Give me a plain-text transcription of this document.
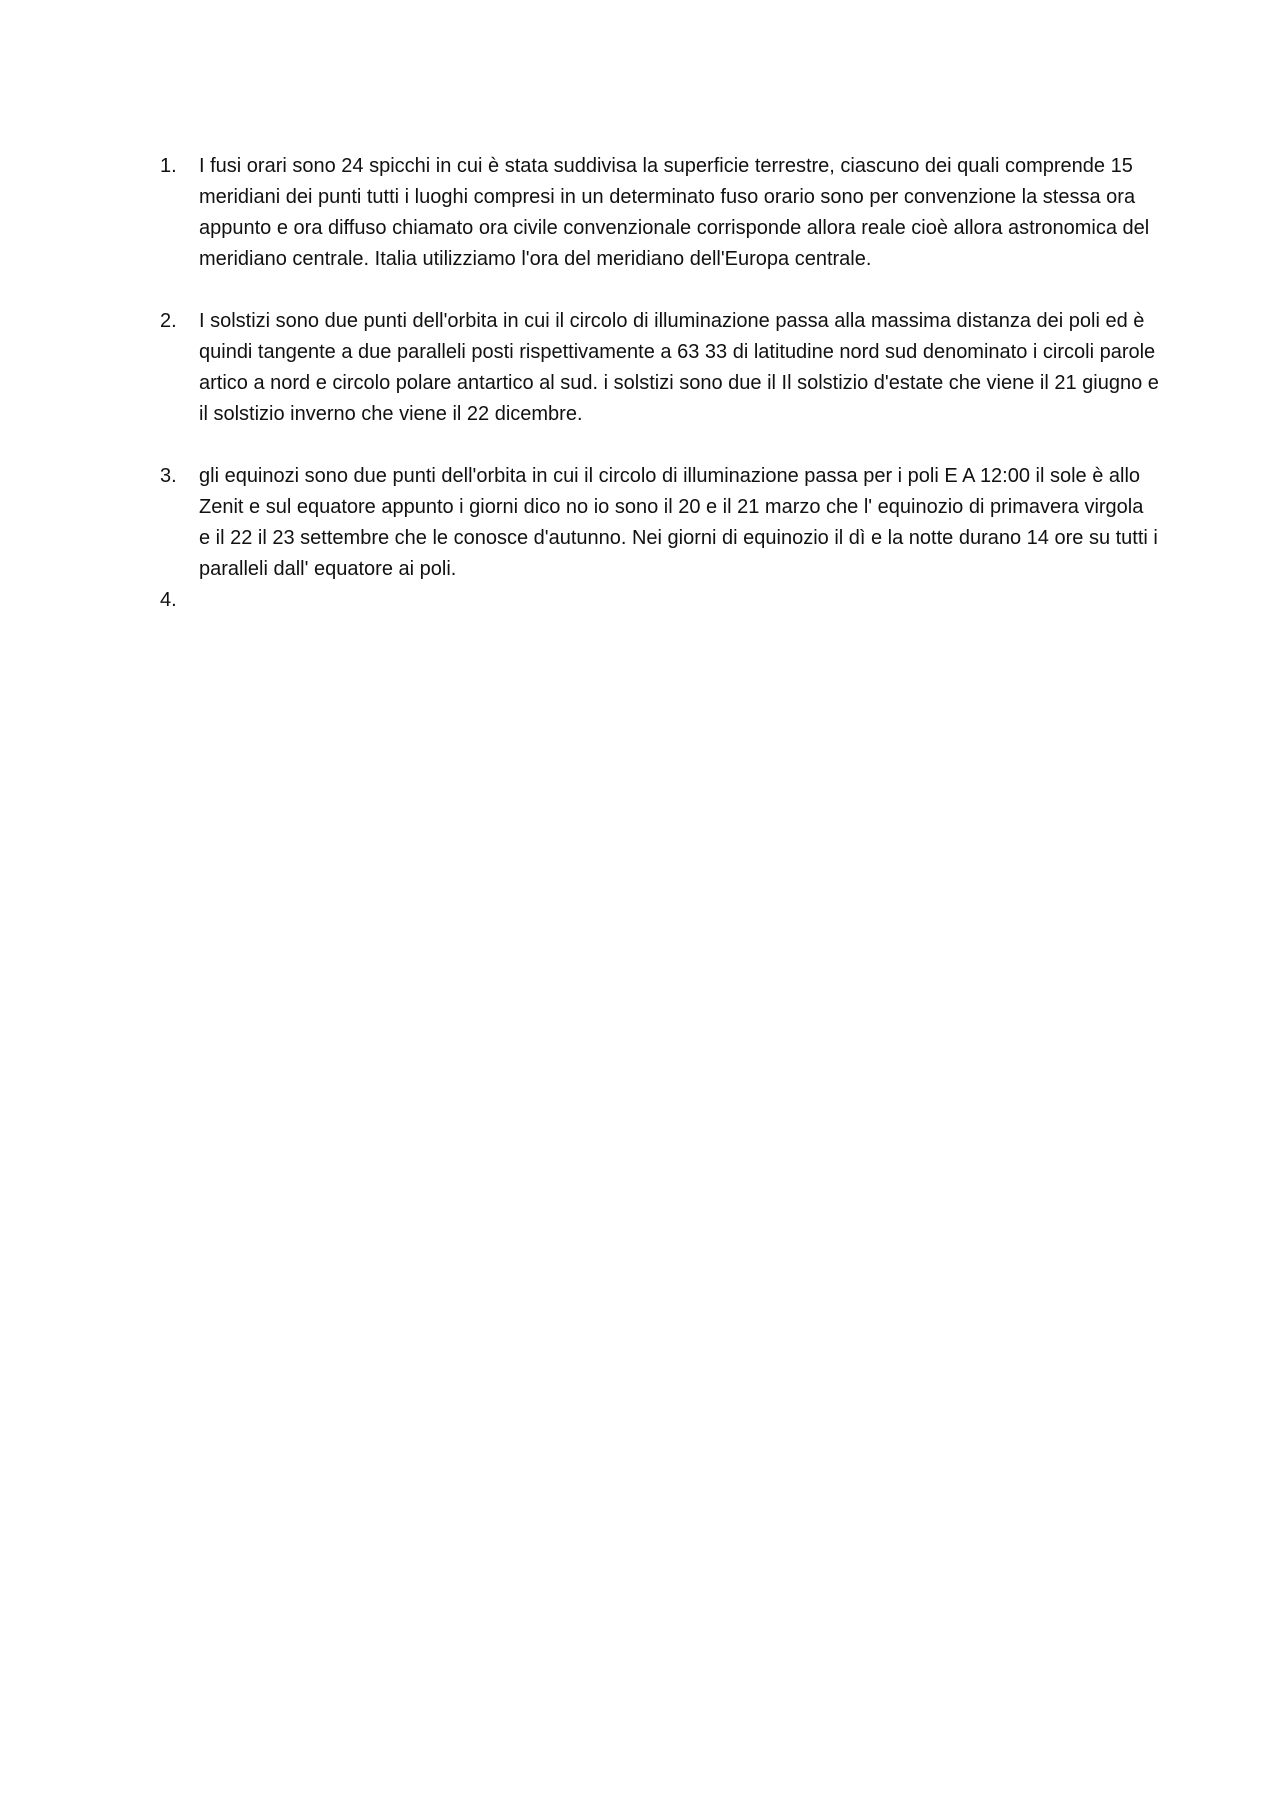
1.	I fusi orari sono 24 spicchi in cui è stata suddivisa la superficie terrestre, ciascuno dei quali comprende 15 meridiani dei punti tutti i luoghi compresi in un determinato fuso orario sono per convenzione la stessa ora appunto e ora diffuso chiamato ora civile convenzionale corrisponde allora reale cioè allora astronomica del meridiano centrale. Italia utilizziamo l'ora del meridiano dell'Europa centrale.
2.	I solstizi sono due punti dell'orbita in cui il circolo di illuminazione passa alla massima distanza dei poli ed è quindi tangente a due paralleli posti rispettivamente a 63 33 di latitudine nord sud denominato i circoli parole artico a nord e circolo polare antartico al sud. i solstizi sono due il Il solstizio d'estate che viene il 21 giugno e il solstizio inverno che viene il 22 dicembre.
3.	gli equinozi sono due punti dell'orbita in cui il circolo di illuminazione passa per i poli E A 12:00 il sole è allo Zenit e sul equatore appunto i giorni dico no io sono il 20 e il 21 marzo che l' equinozio di primavera virgola e il 22 il 23 settembre che le conosce d'autunno. Nei giorni di equinozio il dì e la notte durano 14 ore su tutti i paralleli dall' equatore ai poli.
4.
